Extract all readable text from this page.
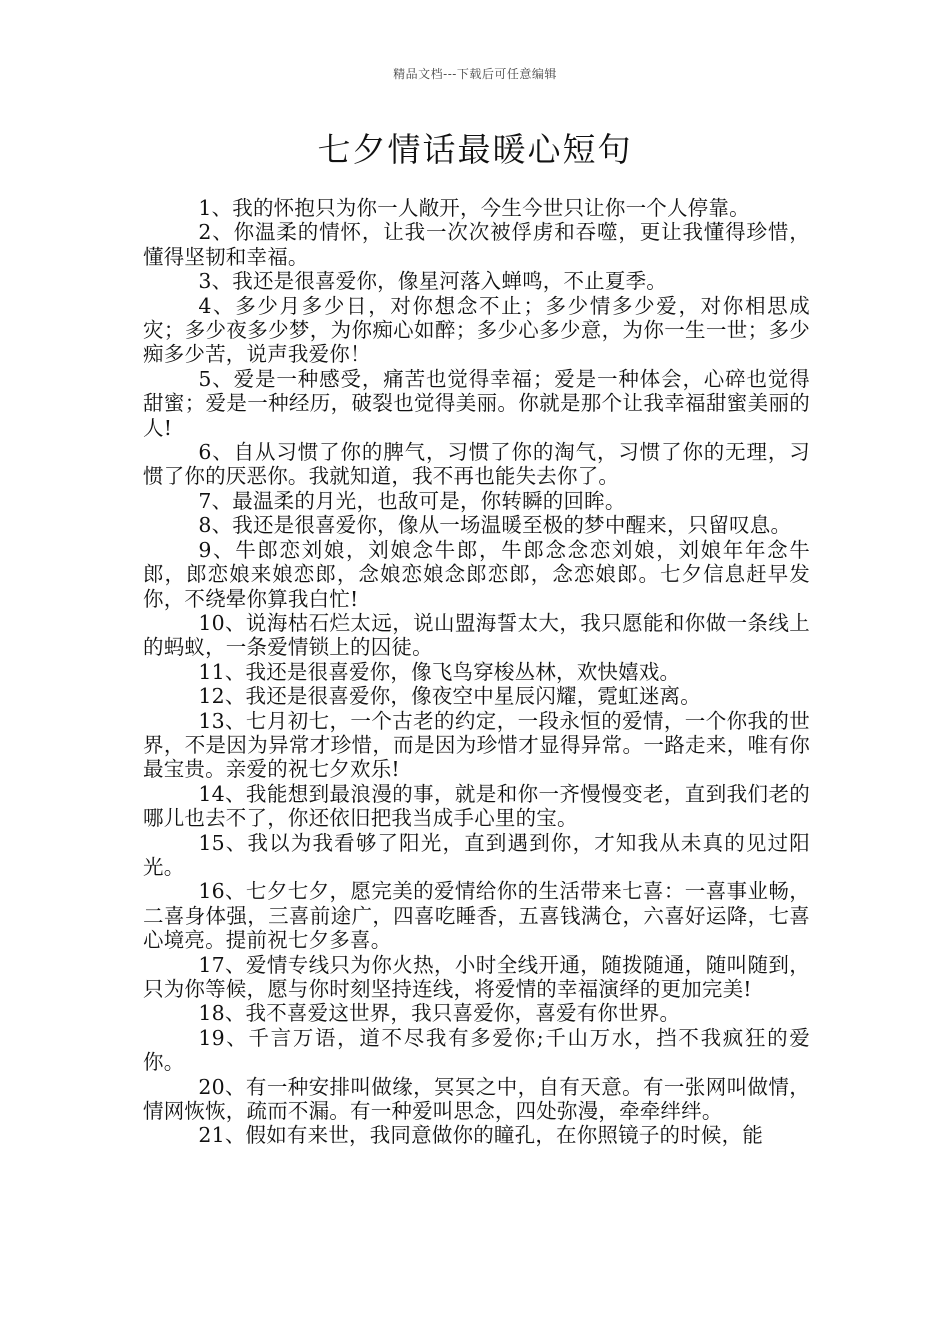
精品文档---下载后可任意编辑
七夕情话最暖心短句

1、我的怀抱只为你一人敞开，今生今世只让你一个人停靠。

2、你温柔的情怀，让我一次次被俘虏和吞噬，更让我懂得珍惜，懂得坚韧和幸福。

3、我还是很喜爱你，像星河落入蝉鸣，不止夏季。

4、多少月多少日，对你想念不止；多少情多少爱，对你相思成灾；多少夜多少梦，为你痴心如醉；多少心多少意，为你一生一世；多少痴多少苦，说声我爱你！

5、爱是一种感受，痛苦也觉得幸福；爱是一种体会，心碎也觉得甜蜜；爱是一种经历，破裂也觉得美丽。你就是那个让我幸福甜蜜美丽的人!

6、自从习惯了你的脾气，习惯了你的淘气，习惯了你的无理，习惯了你的厌恶你。我就知道，我不再也能失去你了。

7、最温柔的月光，也敌可是，你转瞬的回眸。

8、我还是很喜爱你，像从一场温暖至极的梦中醒来，只留叹息。

9、牛郎恋刘娘，刘娘念牛郎，牛郎念念恋刘娘，刘娘年年念牛郎，郎恋娘来娘恋郎，念娘恋娘念郎恋郎，念恋娘郎。七夕信息赶早发你，不绕晕你算我白忙!

10、说海枯石烂太远，说山盟海誓太大，我只愿能和你做一条线上的蚂蚁，一条爱情锁上的囚徒。

11、我还是很喜爱你，像飞鸟穿梭丛林，欢快嬉戏。

12、我还是很喜爱你，像夜空中星辰闪耀，霓虹迷离。

13、七月初七，一个古老的约定，一段永恒的爱情，一个你我的世界，不是因为异常才珍惜，而是因为珍惜才显得异常。一路走来，唯有你最宝贵。亲爱的祝七夕欢乐!

14、我能想到最浪漫的事，就是和你一齐慢慢变老，直到我们老的哪儿也去不了，你还依旧把我当成手心里的宝。

15、我以为我看够了阳光，直到遇到你，才知我从未真的见过阳光。

16、七夕七夕，愿完美的爱情给你的生活带来七喜：一喜事业畅，二喜身体强，三喜前途广，四喜吃睡香，五喜钱满仓，六喜好运降，七喜心境亮。提前祝七夕多喜。

17、爱情专线只为你火热，小时全线开通，随拨随通，随叫随到，只为你等候，愿与你时刻坚持连线，将爱情的幸福演绎的更加完美!

18、我不喜爱这世界，我只喜爱你，喜爱有你世界。

19、千言万语，道不尽我有多爱你;千山万水，挡不我疯狂的爱你。

20、有一种安排叫做缘，冥冥之中，自有天意。有一张网叫做情，情网恢恢，疏而不漏。有一种爱叫思念，四处弥漫，牵牵绊绊。

21、假如有来世，我同意做你的瞳孔，在你照镜子的时候，能
